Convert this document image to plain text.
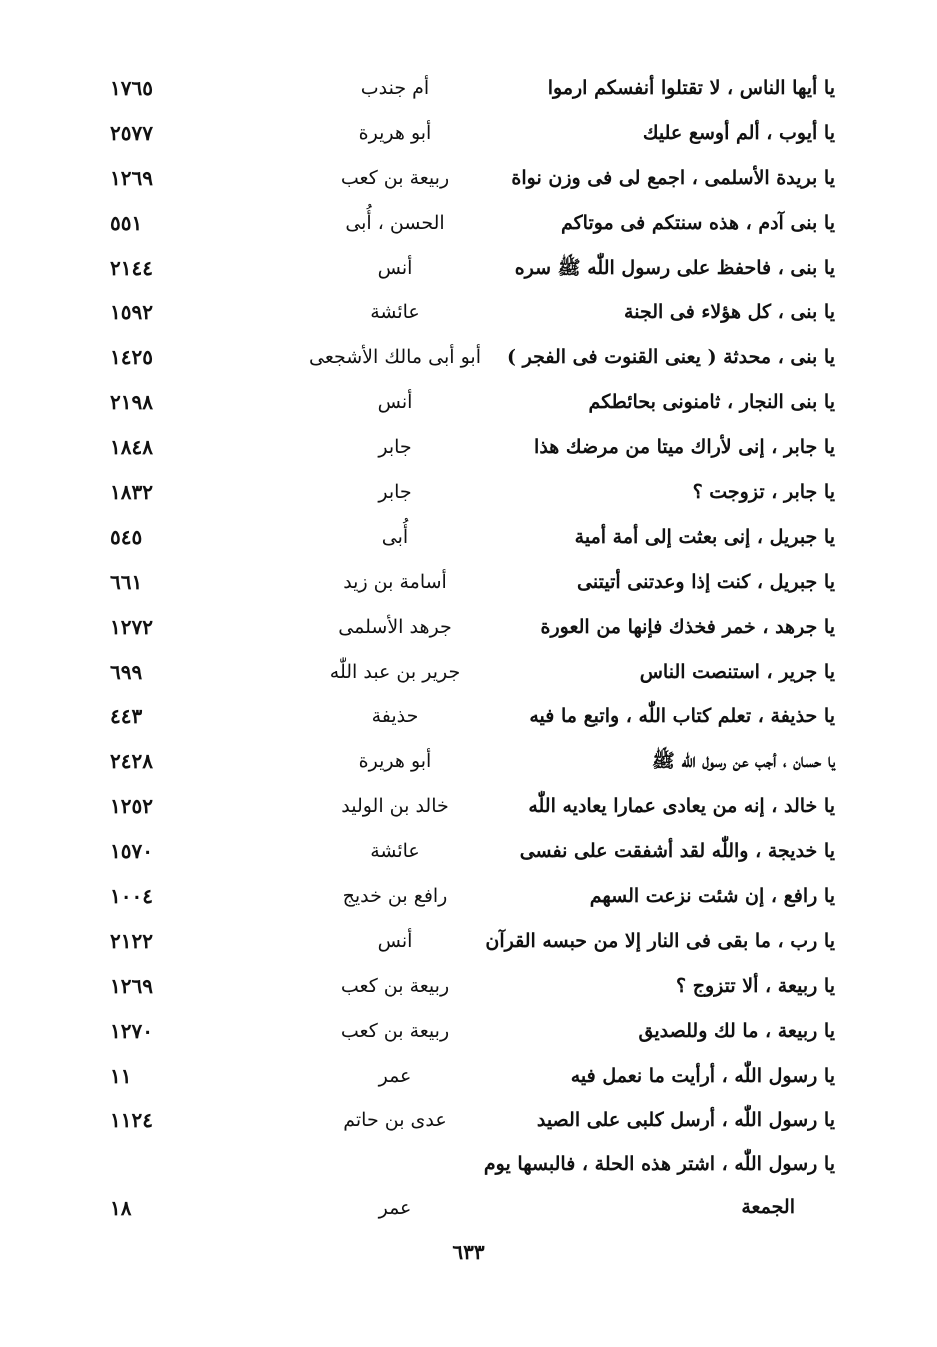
يا أيها الناس ، لا تقتلوا أنفسكم ارموا
أم جندب
١٧٦٥
يا أيوب ، ألم أوسع عليك
أبو هريرة
٢٥٧٧
يا بريدة الأسلمى ، اجمع لى فى وزن نواة
ربيعة بن كعب
١٢٦٩
يا بنى آدم ، هذه سنتكم فى موتاكم
الحسن ، أُبى
٥٥١
يا بنى ، فاحفظ على رسول اللّٰه ﷺ سره
أنس
٢١٤٤
يا بنى ، كل هؤلاء فى الجنة
عائشة
١٥٩٢
يا بنى ، محدثة ( يعنى القنوت فى الفجر )
أبو أبى مالك الأشجعى
١٤٢٥
يا بنى النجار ، ثامنونى بحائطكم
أنس
٢١٩٨
يا جابر ، إنى لأراك ميتا من مرضك هذا
جابر
١٨٤٨
يا جابر ، تزوجت ؟
جابر
١٨٣٢
يا جبريل ، إنى بعثت إلى أمة أمية
أُبى
٥٤٥
يا جبريل ، كنت إذا وعدتنى أتيتنى
أسامة بن زيد
٦٦١
يا جرهد ، خمر فخذك فإنها من العورة
جرهد الأسلمى
١٢٧٢
يا جرير ، استنصت الناس
جرير بن عبد اللّٰه
٦٩٩
يا حذيفة ، تعلم كتاب اللّٰه ، واتبع ما فيه
حذيفة
٤٤٣
يا حسان ، أجب عن رسول اللّٰه ﷺ
أبو هريرة
٢٤٢٨
يا خالد ، إنه من يعادى عمارا يعاديه اللّٰه
خالد بن الوليد
١٢٥٢
يا خديجة ، واللّٰه لقد أشفقت على نفسى
عائشة
١٥٧٠
يا رافع ، إن شئت نزعت السهم
رافع بن خديج
١٠٠٤
يا رب ، ما بقى فى النار إلا من حبسه القرآن
أنس
٢١٢٢
يا ربيعة ، ألا تتزوج ؟
ربيعة بن كعب
١٢٦٩
يا ربيعة ، ما لك وللصديق
ربيعة بن كعب
١٢٧٠
يا رسول اللّٰه ، أرأيت ما نعمل فيه
عمر
١١
يا رسول اللّٰه ، أرسل كلبى على الصيد
عدى بن حاتم
١١٢٤
يا رسول اللّٰه ، اشتر هذه الحلة ، فالبسها يوم
الجمعة
عمر
١٨
٦٣٣
